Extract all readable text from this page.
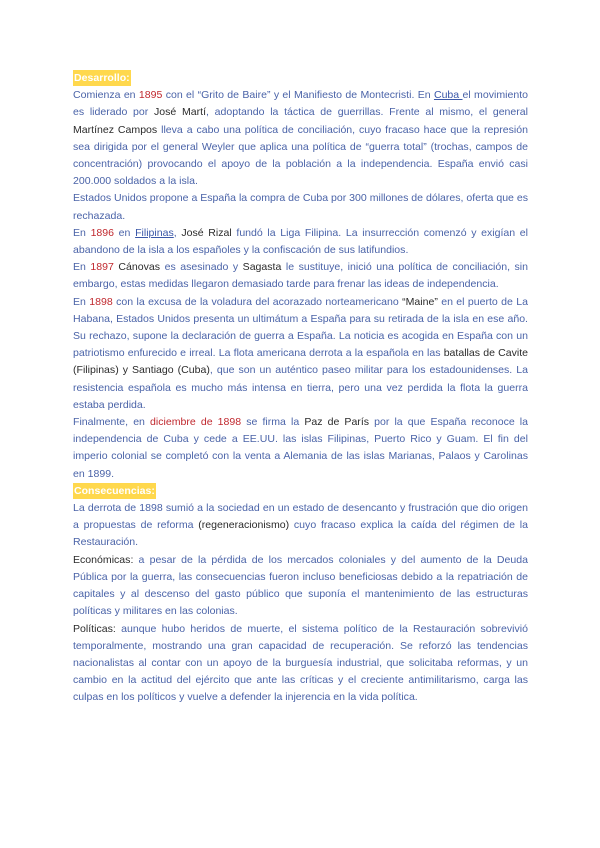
Desarrollo:

Comienza en 1895 con el “Grito de Baire” y el Manifiesto de Montecristi. En Cuba el movimiento es liderado por José Martí, adoptando la táctica de guerrillas. Frente al mismo, el general Martínez Campos lleva a cabo una política de conciliación, cuyo fracaso hace que la represión sea dirigida por el general Weyler que aplica una política de “guerra total” (trochas, campos de concentración) provocando el apoyo de la población a la independencia. España envió casi 200.000 soldados a la isla.

Estados Unidos propone a España la compra de Cuba por 300 millones de dólares, oferta que es rechazada.

En 1896 en Filipinas, José Rizal fundó la Liga Filipina. La insurrección comenzó y exigían el abandono de la isla a los españoles y la confiscación de sus latifundios.

En 1897 Cánovas es asesinado y Sagasta le sustituye, inició una política de conciliación, sin embargo, estas medidas llegaron demasiado tarde para frenar las ideas de independencia.

En 1898 con la excusa de la voladura del acorazado norteamericano “Maine” en el puerto de La Habana, Estados Unidos presenta un ultimátum a España para su retirada de la isla en ese año. Su rechazo, supone la declaración de guerra a España. La noticia es acogida en España con un patriotismo enfurecido e irreal. La flota americana derrota a la española en las batallas de Cavite (Filipinas) y Santiago (Cuba), que son un auténtico paseo militar para los estadounidenses. La resistencia española es mucho más intensa en tierra, pero una vez perdida la flota la guerra estaba perdida.

Finalmente, en diciembre de 1898 se firma la Paz de París por la que España reconoce la independencia de Cuba y cede a EE.UU. las islas Filipinas, Puerto Rico y Guam. El fin del imperio colonial se completó con la venta a Alemania de las islas Marianas, Palaos y Carolinas en 1899.

Consecuencias:

La derrota de 1898 sumió a la sociedad en un estado de desencanto y frustración que dio origen a propuestas de reforma (regeneracionismo) cuyo fracaso explica la caída del régimen de la Restauración.

Económicas: a pesar de la pérdida de los mercados coloniales y del aumento de la Deuda Pública por la guerra, las consecuencias fueron incluso beneficiosas debido a la repatriación de capitales y al descenso del gasto público que suponía el mantenimiento de las estructuras políticas y militares en las colonias.

Políticas: aunque hubo heridos de muerte, el sistema político de la Restauración sobrevivió temporalmente, mostrando una gran capacidad de recuperación. Se reforzó las tendencias nacionalistas al contar con un apoyo de la burguesía industrial, que solicitaba reformas, y un cambio en la actitud del ejército que ante las críticas y el creciente antimilitarismo, carga las culpas en los políticos y vuelve a defender la injerencia en la vida política.
